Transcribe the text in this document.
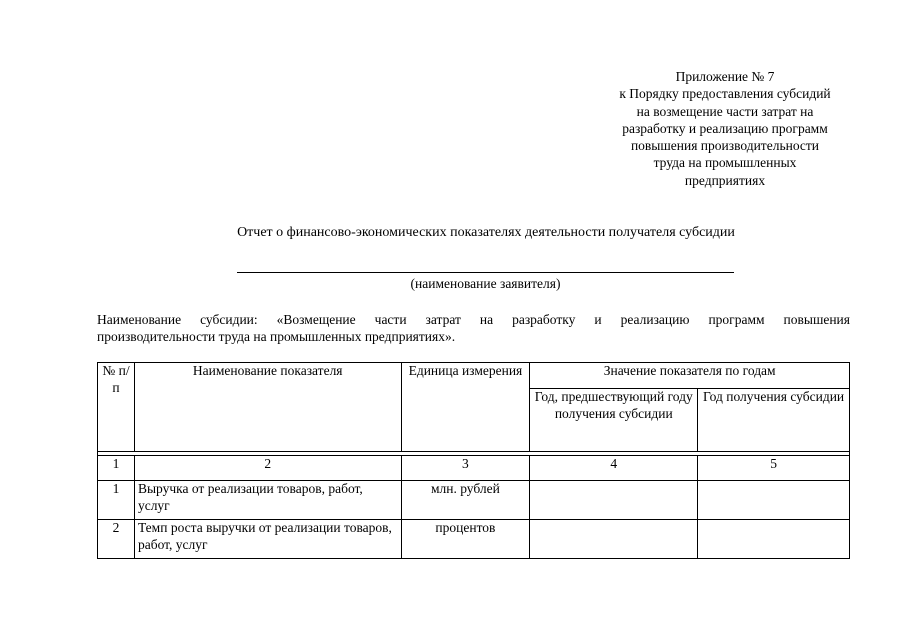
Приложение № 7
к Порядку предоставления субсидий
на возмещение части затрат на
разработку и реализацию программ
повышения производительности
труда на промышленных
предприятиях
Отчет о финансово-экономических показателях деятельности получателя субсидии
(наименование заявителя)
Наименование субсидии: «Возмещение части затрат на разработку и реализацию программ повышения
производительности труда на промышленных предприятиях».
№ п/п	Наименование показателя	Единица измерения	Значение показателя по годам	
			Год, предшествующий году получения субсидии	Год получения субсидии

1	2	3	4	5
1	Выручка от реализации товаров, работ, услуг	млн. рублей		
2	Темп роста выручки от реализации товаров, работ, услуг	процентов		
